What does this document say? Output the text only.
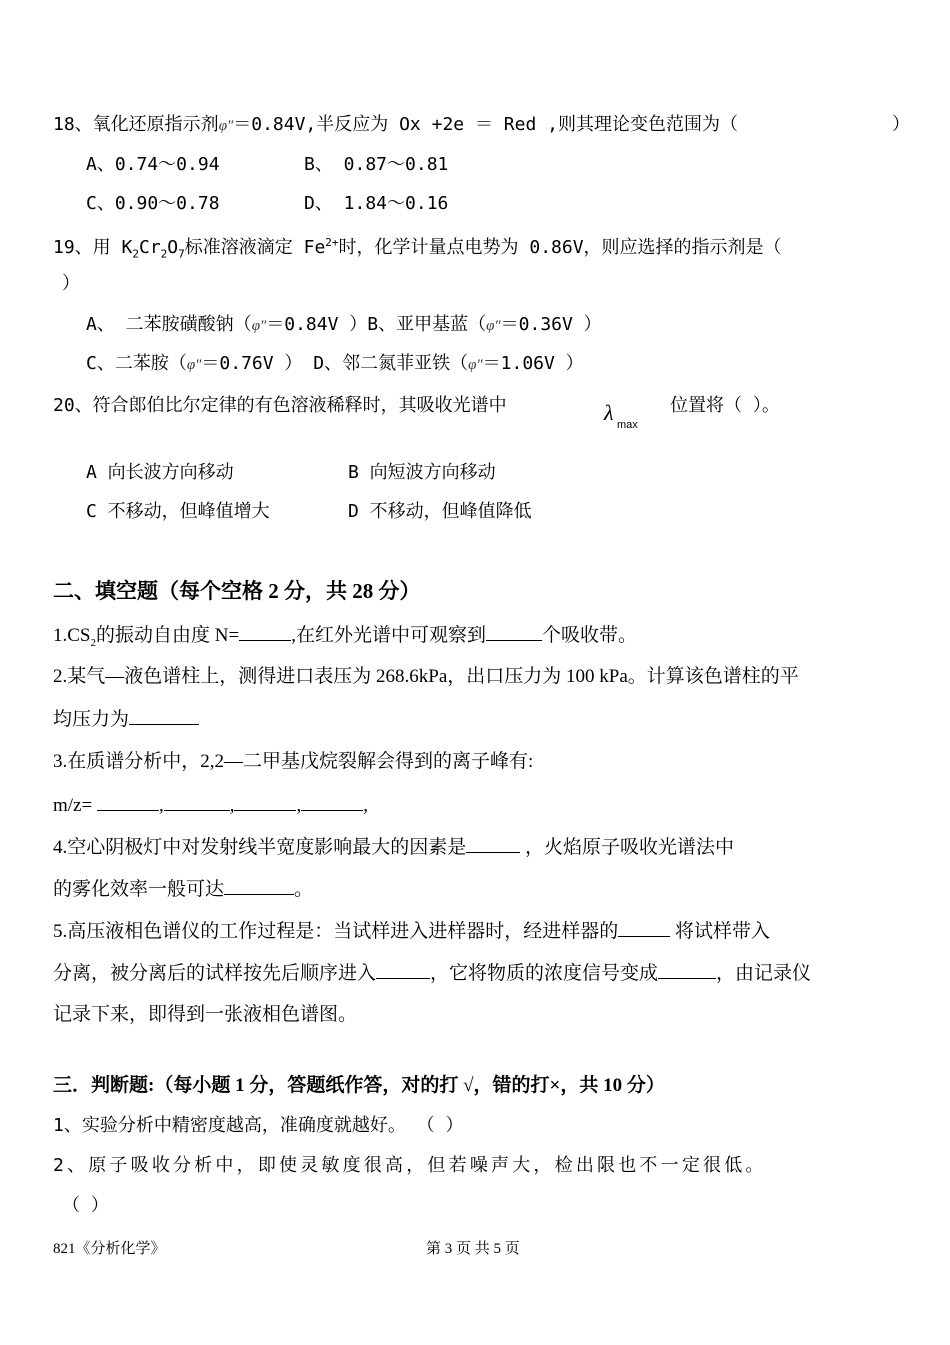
18、氧化还原指示剂φ″＝0.84V,半反应为 Ox +2e ＝ Red ,则其理论变色范围为（	）
A、0.74～0.94	B、 0.87～0.81
C、0.90～0.78	D、 1.84～0.16
19、用 $K_2Cr_2O_7$标准溶液滴定 $Fe^{2+}$时，化学计量点电势为 0.86V，则应选择的指示剂是（
）
A、 二苯胺磺酸钠（φ″＝0.84V ）B、亚甲基蓝（φ″＝0.36V ）
C、二苯胺（φ″＝0.76V ） D、邻二氮菲亚铁（φ″＝1.06V ）
20、符合郎伯比尔定律的有色溶液稀释时，其吸收光谱中	λ max
位置将（ ）。
A 向长波方向移动	B 向短波方向移动
C 不移动，但峰值增大	D 不移动，但峰值降低
二、填空题（每个空格 2 分，共 28 分）
$1.CS_2$的振动自由度 N=	,在红外光谱中可观察到	个吸收带。
2.某气—液色谱柱上，测得进口表压为 268.6kPa，出口压力为 100 kPa。计算该色谱柱的平
均压力为
3.在质谱分析中，2,2—二甲基戊烷裂解会得到的离子峰有:
m/z=	,	,	,	,
4.空心阴极灯中对发射线半宽度影响最大的因素是	，火焰原子吸收光谱法中
的雾化效率一般可达	。
5.高压液相色谱仪的工作过程是：当试样进入进样器时，经进样器的	将试样带入
分离，被分离后的试样按先后顺序进入	，它将物质的浓度信号变成	，由记录仪
记录下来，即得到一张液相色谱图。
三．判断题:（每小题 1 分，答题纸作答，对的打 √，错的打×，共 10 分）
1、实验分析中精密度越高，准确度就越好。 （ ）
2、原子吸收分析中，即使灵敏度很高，但若噪声大，检出限也不一定很低。
（ ）
821《分析化学》	第 3 页 共 5 页
